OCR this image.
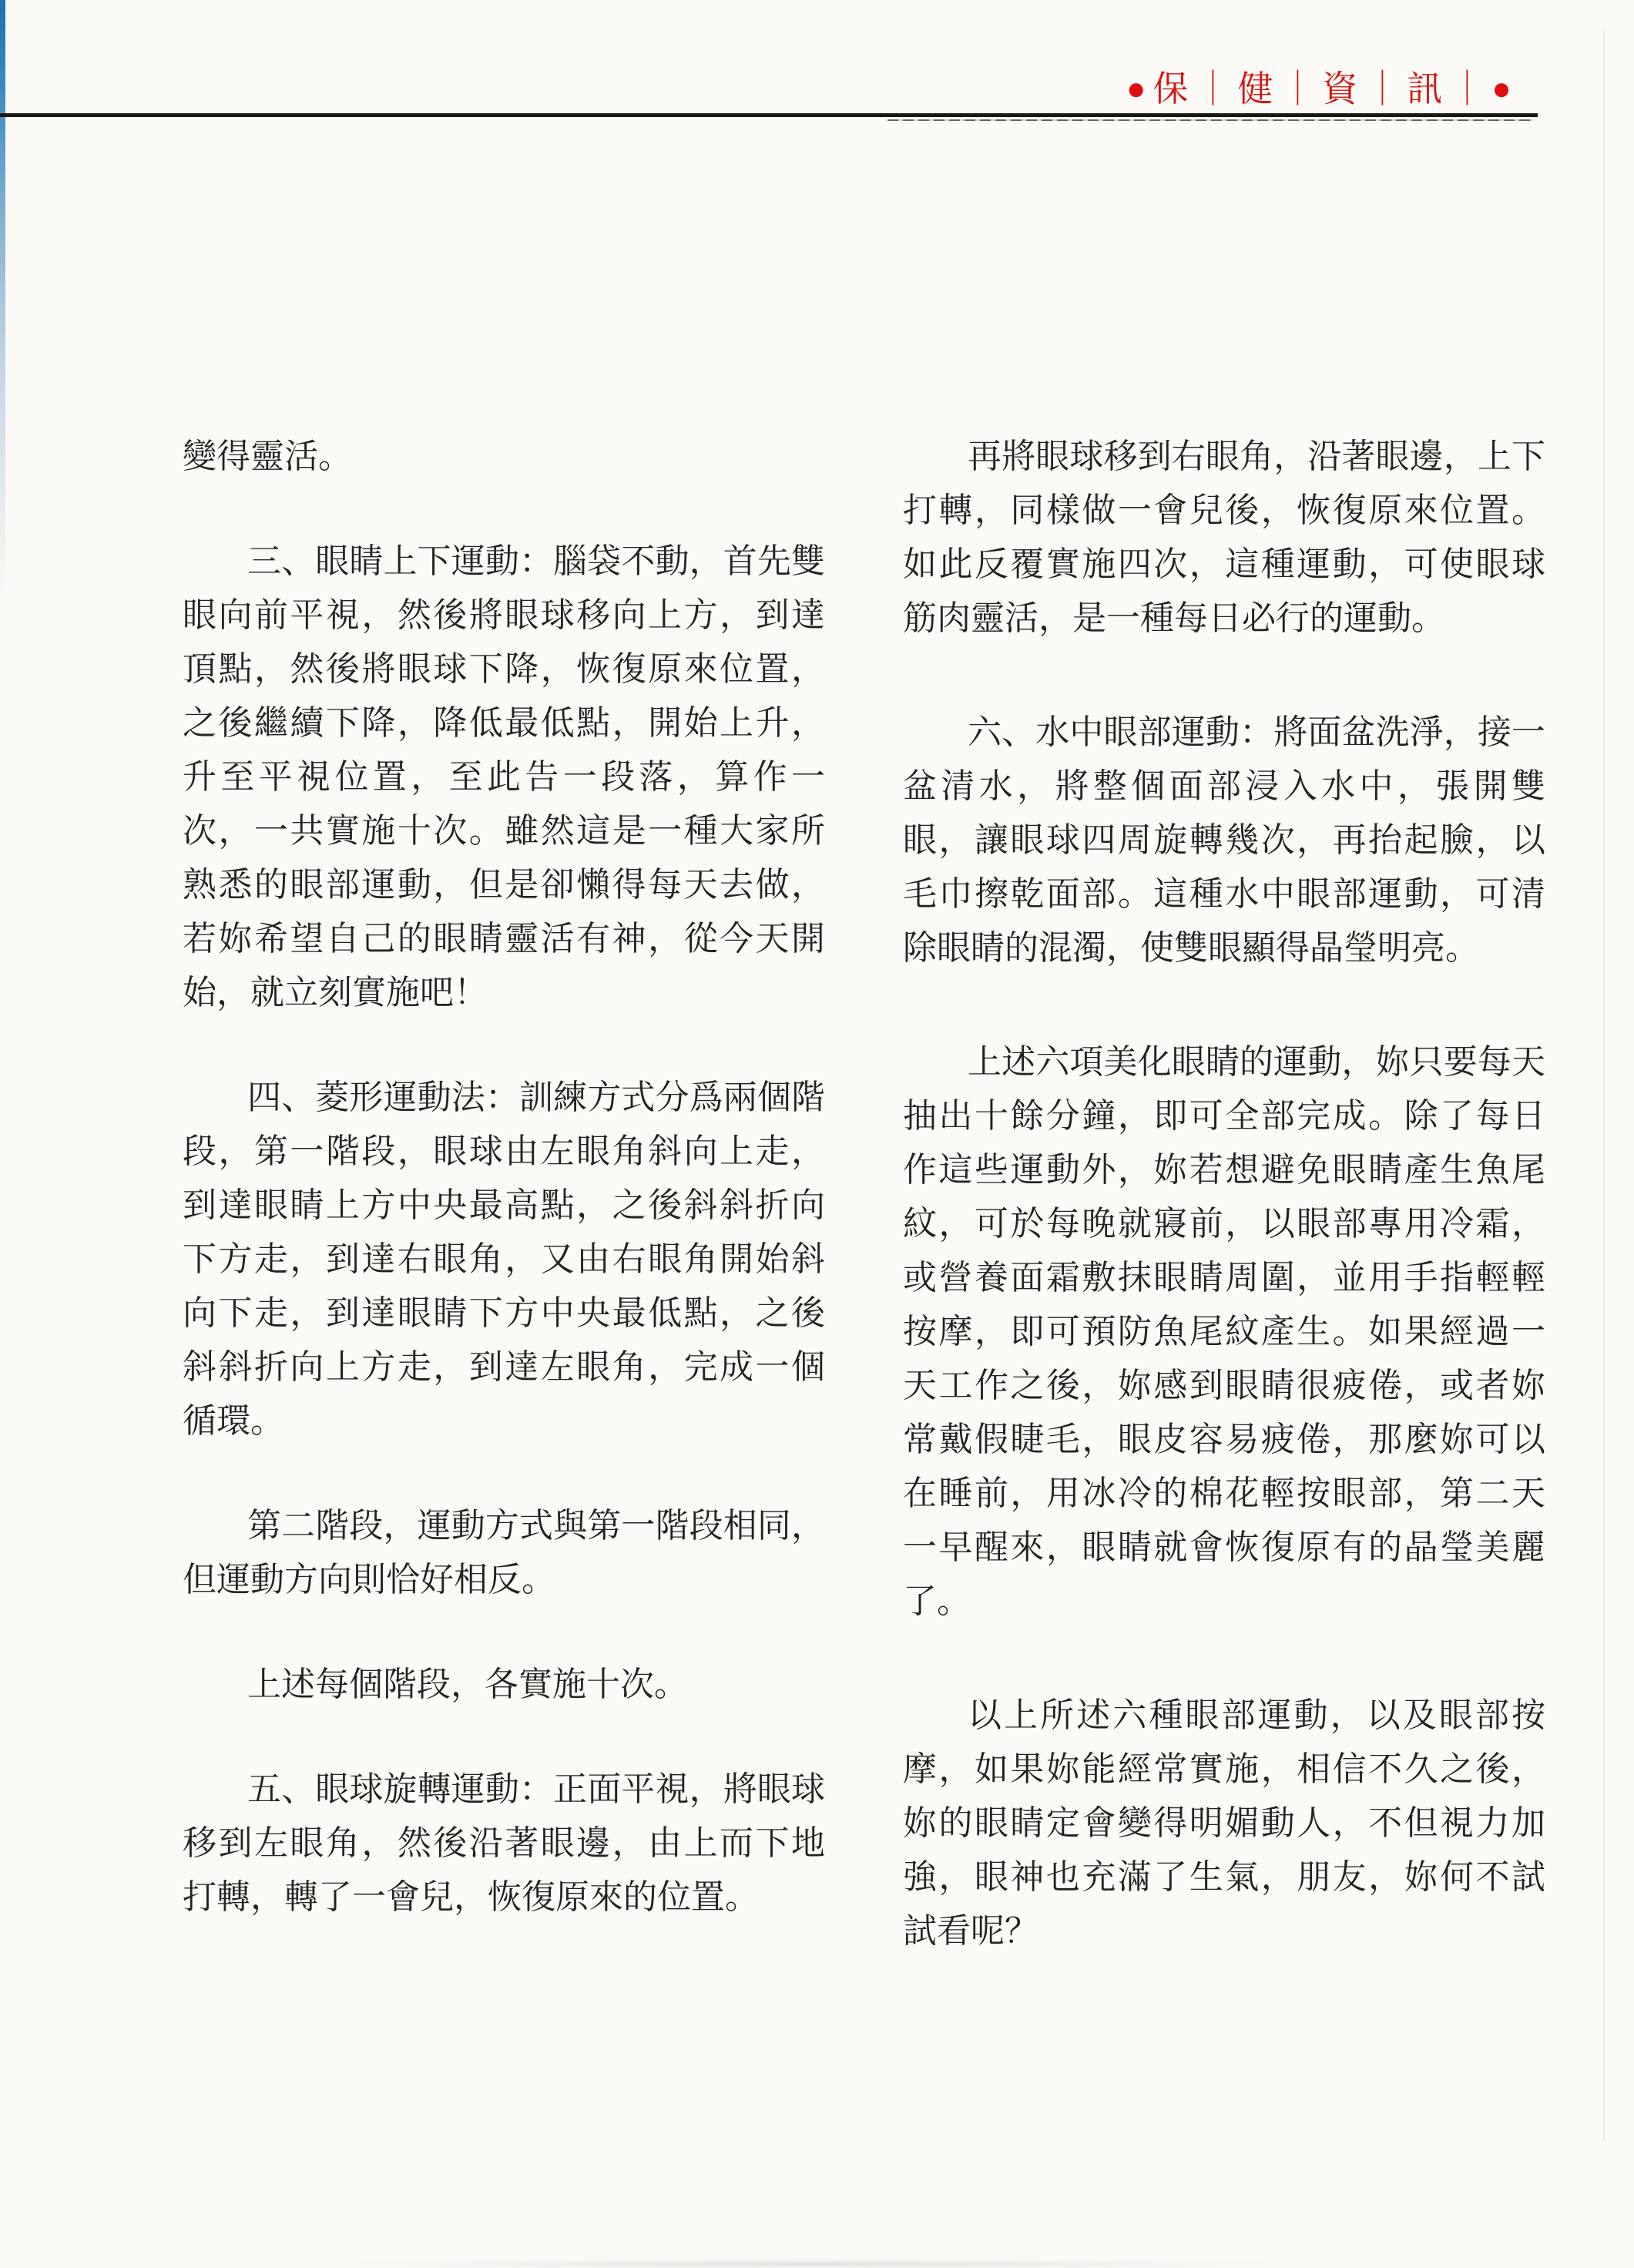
●保｜健｜資｜訊｜●

變得靈活。

三、眼睛上下運動：腦袋不動，首先雙眼向前平視，然後將眼球移向上方，到達頂點，然後將眼球下降，恢復原來位置，之後繼續下降，降低最低點，開始上升，升至平視位置，至此告一段落，算作一次，一共實施十次。雖然這是一種大家所熟悉的眼部運動，但是卻懶得每天去做，若妳希望自己的眼睛靈活有神，從今天開始，就立刻實施吧！

四、菱形運動法：訓練方式分爲兩個階段，第一階段，眼球由左眼角斜向上走，到達眼睛上方中央最高點，之後斜斜折向下方走，到達右眼角，又由右眼角開始斜向下走，到達眼睛下方中央最低點，之後斜斜折向上方走，到達左眼角，完成一個循環。

第二階段，運動方式與第一階段相同，但運動方向則恰好相反。

上述每個階段，各實施十次。

五、眼球旋轉運動：正面平視，將眼球移到左眼角，然後沿著眼邊，由上而下地打轉，轉了一會兒，恢復原來的位置。

再將眼球移到右眼角，沿著眼邊，上下打轉，同樣做一會兒後，恢復原來位置。如此反覆實施四次，這種運動，可使眼球筋肉靈活，是一種每日必行的運動。

六、水中眼部運動：將面盆洗淨，接一盆清水，將整個面部浸入水中，張開雙眼，讓眼球四周旋轉幾次，再抬起臉，以毛巾擦乾面部。這種水中眼部運動，可清除眼睛的混濁，使雙眼顯得晶瑩明亮。

上述六項美化眼睛的運動，妳只要每天抽出十餘分鐘，即可全部完成。除了每日作這些運動外，妳若想避免眼睛產生魚尾紋，可於每晚就寢前，以眼部專用冷霜，或營養面霜敷抹眼睛周圍，並用手指輕輕按摩，即可預防魚尾紋產生。如果經過一天工作之後，妳感到眼睛很疲倦，或者妳常戴假睫毛，眼皮容易疲倦，那麼妳可以在睡前，用冰冷的棉花輕按眼部，第二天一早醒來，眼睛就會恢復原有的晶瑩美麗了。

以上所述六種眼部運動，以及眼部按摩，如果妳能經常實施，相信不久之後，妳的眼睛定會變得明媚動人，不但視力加強，眼神也充滿了生氣，朋友，妳何不試試看呢？
